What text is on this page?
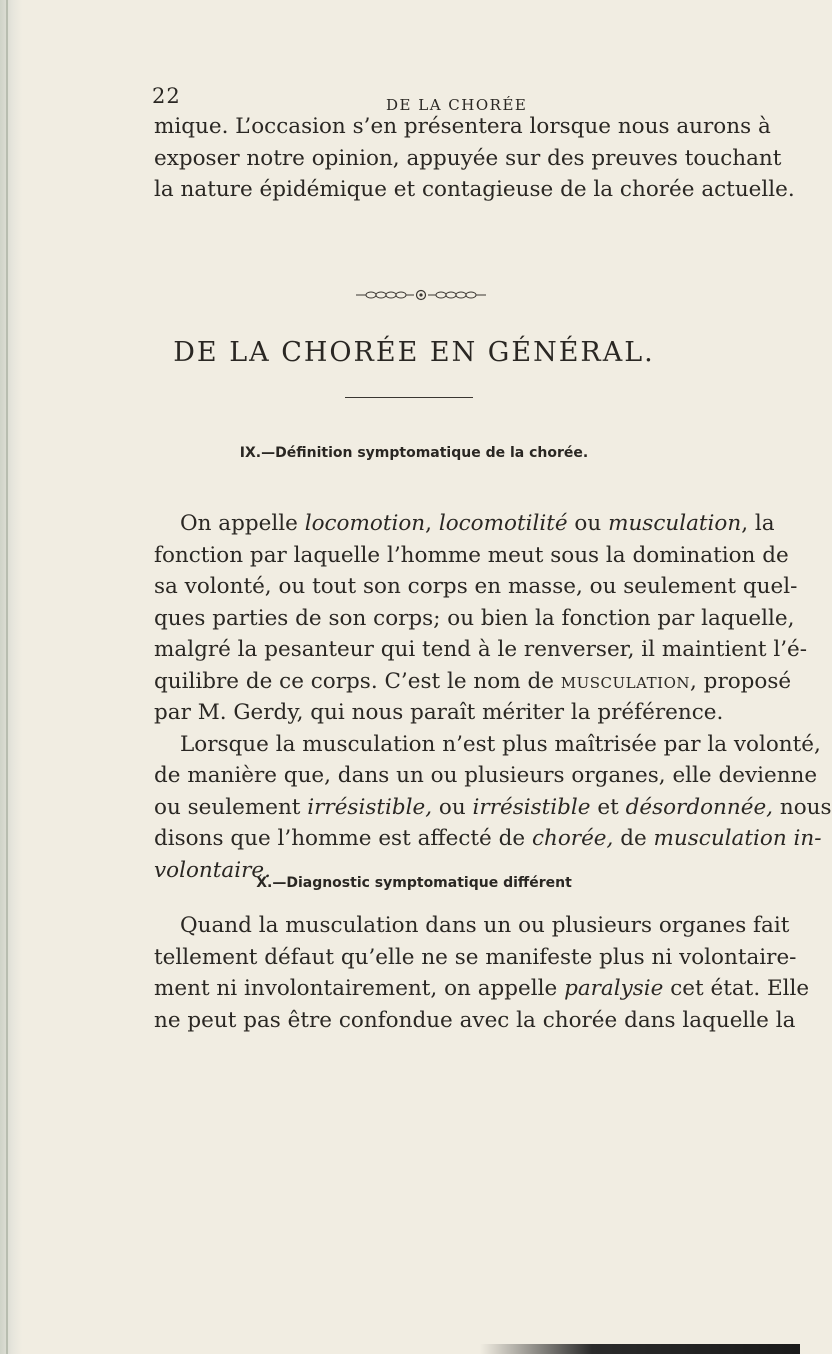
22	DE LA CHORÉE
mique. L’occasion s’en présentera lorsque nous aurons à
exposer notre opinion, appuyée sur des preuves touchant
la nature épidémique et contagieuse de la chorée actuelle.
DE LA CHORÉE EN GÉNÉRAL.
IX.—Définition symptomatique de la chorée.
On appelle locomotion, locomotilité ou musculation, la
fonction par laquelle l’homme meut sous la domination de
sa volonté, ou tout son corps en masse, ou seulement quel-
ques parties de son corps; ou bien la fonction par laquelle,
malgré la pesanteur qui tend à le renverser, il maintient l’é-
quilibre de ce corps. C’est le nom de musculation, proposé
par M. Gerdy, qui nous paraît mériter la préférence.
Lorsque la musculation n’est plus maîtrisée par la volonté,
de manière que, dans un ou plusieurs organes, elle devienne
ou seulement irrésistible, ou irrésistible et désordonnée, nous
disons que l’homme est affecté de chorée, de musculation in-
volontaire.
X.—Diagnostic symptomatique différent
Quand la musculation dans un ou plusieurs organes fait
tellement défaut qu’elle ne se manifeste plus ni volontaire-
ment ni involontairement, on appelle paralysie cet état. Elle
ne peut pas être confondue avec la chorée dans laquelle la
